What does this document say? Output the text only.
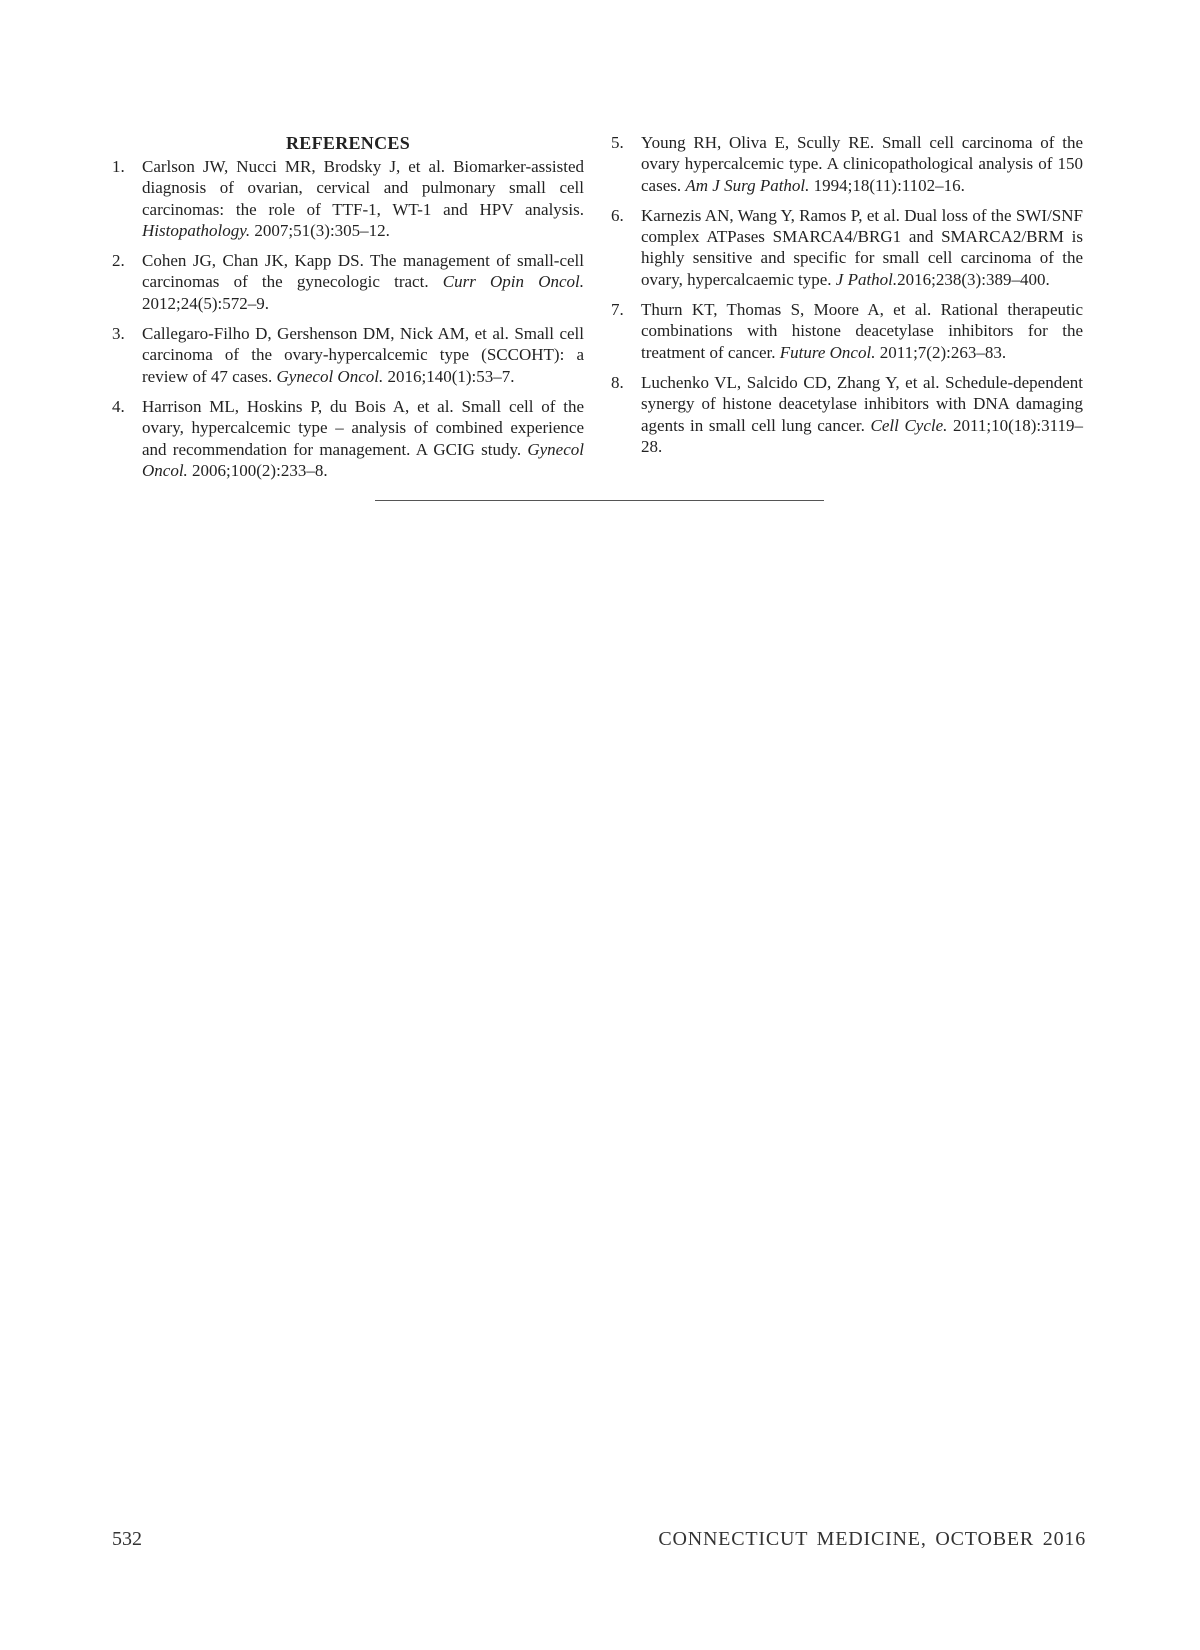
REFERENCES
1. Carlson JW, Nucci MR, Brodsky J, et al. Biomarker-assisted diagnosis of ovarian, cervical and pulmonary small cell carcinomas: the role of TTF-1, WT-1 and HPV analysis. Histopathology. 2007;51(3):305–12.
2. Cohen JG, Chan JK, Kapp DS. The management of small-cell carcinomas of the gynecologic tract. Curr Opin Oncol. 2012;24(5):572–9.
3. Callegaro-Filho D, Gershenson DM, Nick AM, et al. Small cell carcinoma of the ovary-hypercalcemic type (SCCOHT): a review of 47 cases. Gynecol Oncol. 2016;140(1):53–7.
4. Harrison ML, Hoskins P, du Bois A, et al. Small cell of the ovary, hypercalcemic type – analysis of combined experience and recommendation for management. A GCIG study. Gynecol Oncol. 2006;100(2):233–8.
5. Young RH, Oliva E, Scully RE. Small cell carcinoma of the ovary hypercalcemic type. A clinicopathological analysis of 150 cases. Am J Surg Pathol. 1994;18(11):1102–16.
6. Karnezis AN, Wang Y, Ramos P, et al. Dual loss of the SWI/SNF complex ATPases SMARCA4/BRG1 and SMARCA2/BRM is highly sensitive and specific for small cell carcinoma of the ovary, hypercalcaemic type. J Pathol.2016;238(3):389–400.
7. Thurn KT, Thomas S, Moore A, et al. Rational therapeutic combinations with histone deacetylase inhibitors for the treatment of cancer. Future Oncol. 2011;7(2):263–83.
8. Luchenko VL, Salcido CD, Zhang Y, et al. Schedule-dependent synergy of histone deacetylase inhibitors with DNA damaging agents in small cell lung cancer. Cell Cycle. 2011;10(18):3119–28.
532	CONNECTICUT MEDICINE, OCTOBER 2016
